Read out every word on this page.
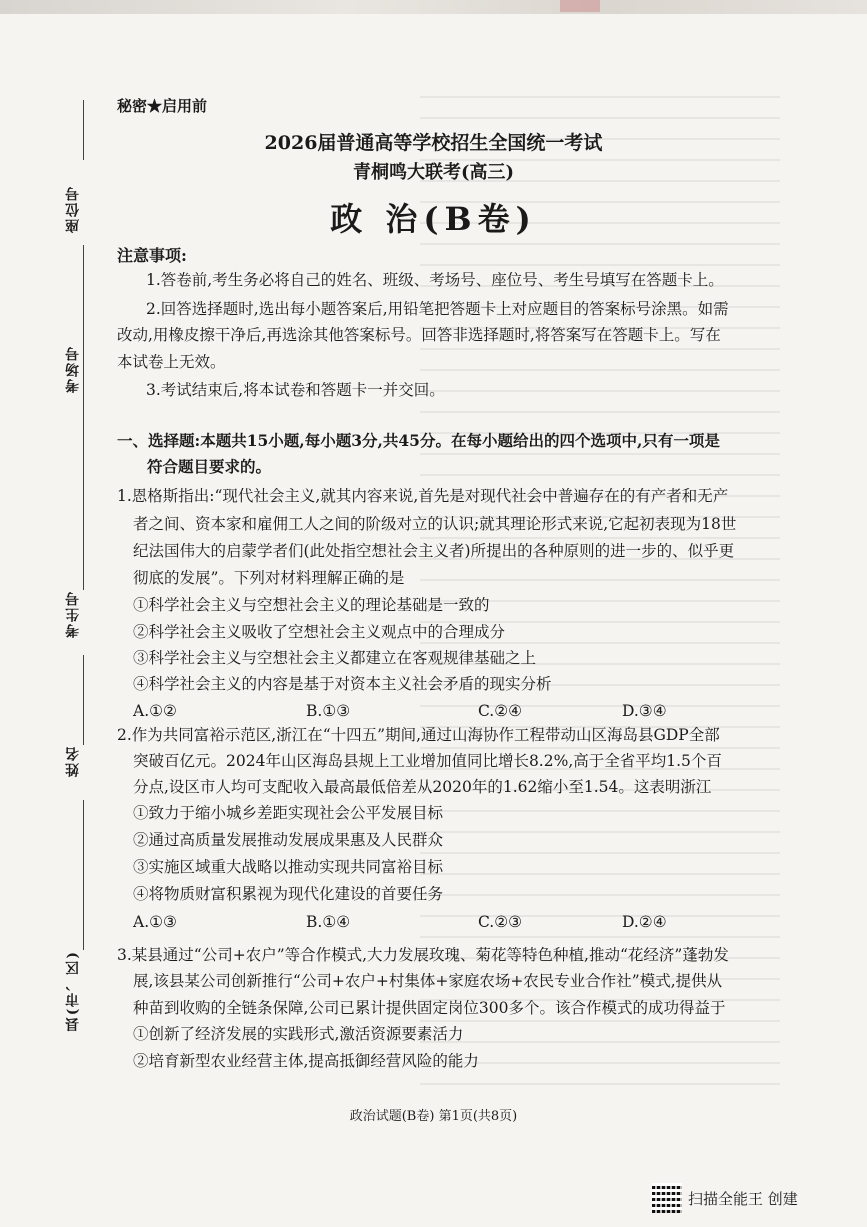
座位号
考场号
考生号
姓名
县(市、区)
秘密★启用前
2026届普通高等学校招生全国统一考试
青桐鸣大联考(高三)
政 治(B卷)
注意事项:
1.答卷前,考生务必将自己的姓名、班级、考场号、座位号、考生号填写在答题卡上。
2.回答选择题时,选出每小题答案后,用铅笔把答题卡上对应题目的答案标号涂黑。如需
改动,用橡皮擦干净后,再选涂其他答案标号。回答非选择题时,将答案写在答题卡上。写在
本试卷上无效。
3.考试结束后,将本试卷和答题卡一并交回。
一、选择题:本题共15小题,每小题3分,共45分。在每小题给出的四个选项中,只有一项是
符合题目要求的。
1.恩格斯指出:“现代社会主义,就其内容来说,首先是对现代社会中普遍存在的有产者和无产
者之间、资本家和雇佣工人之间的阶级对立的认识;就其理论形式来说,它起初表现为18世
纪法国伟大的启蒙学者们(此处指空想社会主义者)所提出的各种原则的进一步的、似乎更
彻底的发展”。下列对材料理解正确的是
①科学社会主义与空想社会主义的理论基础是一致的
②科学社会主义吸收了空想社会主义观点中的合理成分
③科学社会主义与空想社会主义都建立在客观规律基础之上
④科学社会主义的内容是基于对资本主义社会矛盾的现实分析
A.①②	B.①③	C.②④	D.③④
2.作为共同富裕示范区,浙江在“十四五”期间,通过山海协作工程带动山区海岛县GDP全部
突破百亿元。2024年山区海岛县规上工业增加值同比增长8.2%,高于全省平均1.5个百
分点,设区市人均可支配收入最高最低倍差从2020年的1.62缩小至1.54。这表明浙江
①致力于缩小城乡差距实现社会公平发展目标
②通过高质量发展推动发展成果惠及人民群众
③实施区域重大战略以推动实现共同富裕目标
④将物质财富积累视为现代化建设的首要任务
A.①③	B.①④	C.②③	D.②④
3.某县通过“公司+农户”等合作模式,大力发展玫瑰、菊花等特色种植,推动“花经济”蓬勃发
展,该县某公司创新推行“公司+农户+村集体+家庭农场+农民专业合作社”模式,提供从
种苗到收购的全链条保障,公司已累计提供固定岗位300多个。该合作模式的成功得益于
①创新了经济发展的实践形式,激活资源要素活力
②培育新型农业经营主体,提高抵御经营风险的能力
政治试题(B卷) 第1页(共8页)
扫描全能王 创建
